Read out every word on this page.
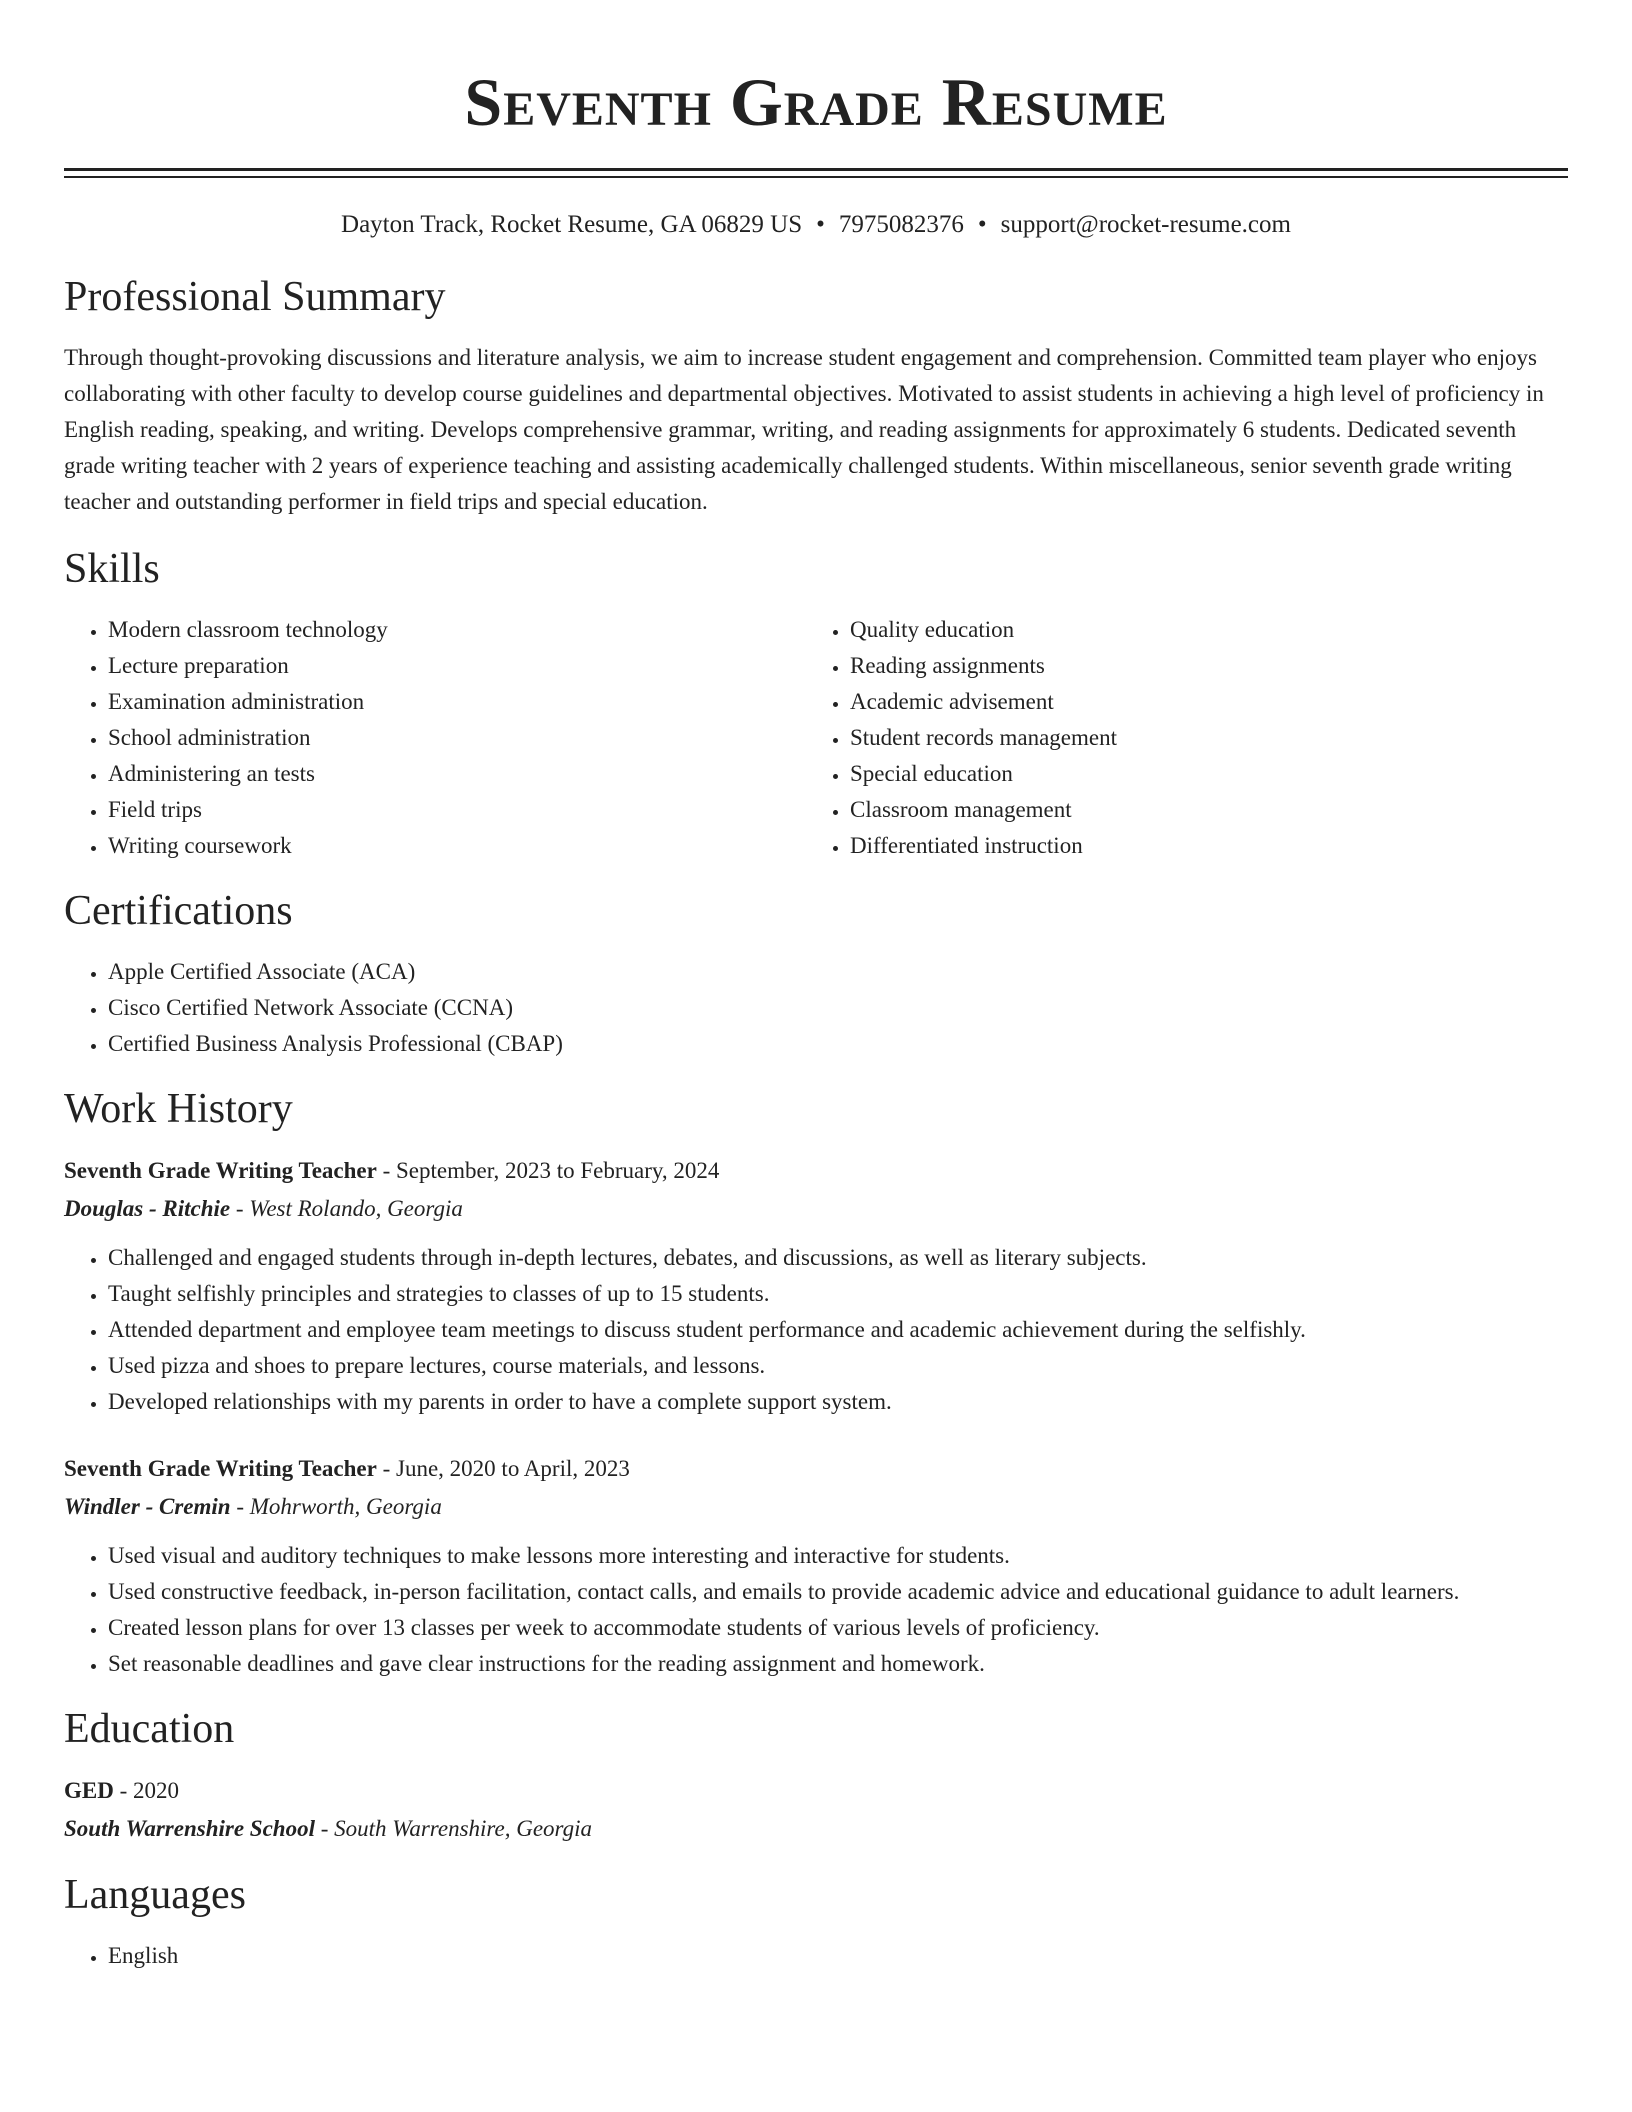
Seventh Grade Resume
Dayton Track, Rocket Resume, GA 06829 US • 7975082376 • support@rocket-resume.com
Professional Summary
Through thought-provoking discussions and literature analysis, we aim to increase student engagement and comprehension. Committed team player who enjoys collaborating with other faculty to develop course guidelines and departmental objectives. Motivated to assist students in achieving a high level of proficiency in English reading, speaking, and writing. Develops comprehensive grammar, writing, and reading assignments for approximately 6 students. Dedicated seventh grade writing teacher with 2 years of experience teaching and assisting academically challenged students. Within miscellaneous, senior seventh grade writing teacher and outstanding performer in field trips and special education.
Skills
• Modern classroom technology
• Lecture preparation
• Examination administration
• School administration
• Administering an tests
• Field trips
• Writing coursework
• Quality education
• Reading assignments
• Academic advisement
• Student records management
• Special education
• Classroom management
• Differentiated instruction
Certifications
• Apple Certified Associate (ACA)
• Cisco Certified Network Associate (CCNA)
• Certified Business Analysis Professional (CBAP)
Work History
Seventh Grade Writing Teacher - September, 2023 to February, 2024
Douglas - Ritchie - West Rolando, Georgia
• Challenged and engaged students through in-depth lectures, debates, and discussions, as well as literary subjects.
• Taught selfishly principles and strategies to classes of up to 15 students.
• Attended department and employee team meetings to discuss student performance and academic achievement during the selfishly.
• Used pizza and shoes to prepare lectures, course materials, and lessons.
• Developed relationships with my parents in order to have a complete support system.
Seventh Grade Writing Teacher - June, 2020 to April, 2023
Windler - Cremin - Mohrworth, Georgia
• Used visual and auditory techniques to make lessons more interesting and interactive for students.
• Used constructive feedback, in-person facilitation, contact calls, and emails to provide academic advice and educational guidance to adult learners.
• Created lesson plans for over 13 classes per week to accommodate students of various levels of proficiency.
• Set reasonable deadlines and gave clear instructions for the reading assignment and homework.
Education
GED - 2020
South Warrenshire School - South Warrenshire, Georgia
Languages
• English
